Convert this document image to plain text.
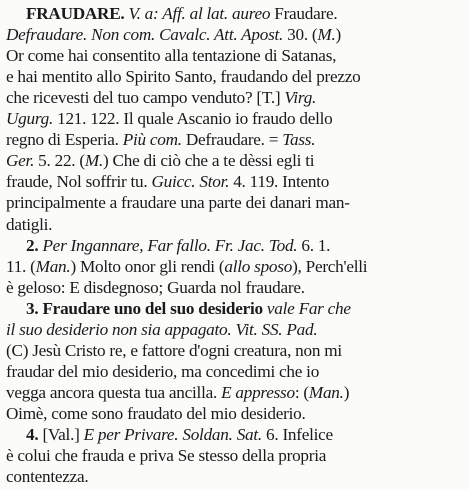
FRAUDARE. V. a: Aff. al lat. aureo Fraudare.
Defraudare. Non com. Cavalc. Att. Apost. 30. (M.)
Or come hai consentito alla tentazione di Satanas,
e hai mentito allo Spirito Santo, fraudando del prezzo
che ricevesti del tuo campo venduto? [T.] Virg.
Ugurg. 121. 122. Il quale Ascanio io fraudo dello
regno di Esperia. Più com. Defraudare. = Tass.
Ger. 5. 22. (M.) Che di ciò che a te dèssi egli ti
fraude, Nol soffrir tu. Guicc. Stor. 4. 119. Intento
principalmente a fraudare una parte dei danari man-
datigli.
2. Per Ingannare, Far fallo. Fr. Jac. Tod. 6. 1.
11. (Man.) Molto onor gli rendi (allo sposo), Perch'elli
è geloso: E disdegnoso; Guarda nol fraudare.
3. Fraudare uno del suo desiderio vale Far che
il suo desiderio non sia appagato. Vit. SS. Pad.
(C) Jesù Cristo re, e fattore d'ogni creatura, non mi
fraudar del mio desiderio, ma concedimi che io
vegga ancora questa tua ancilla. E appresso: (Man.)
Oimè, come sono fraudato del mio desiderio.
4. [Val.] E per Privare. Soldan. Sat. 6. Infelice
è colui che frauda e priva Se stesso della propria
contentezza.
